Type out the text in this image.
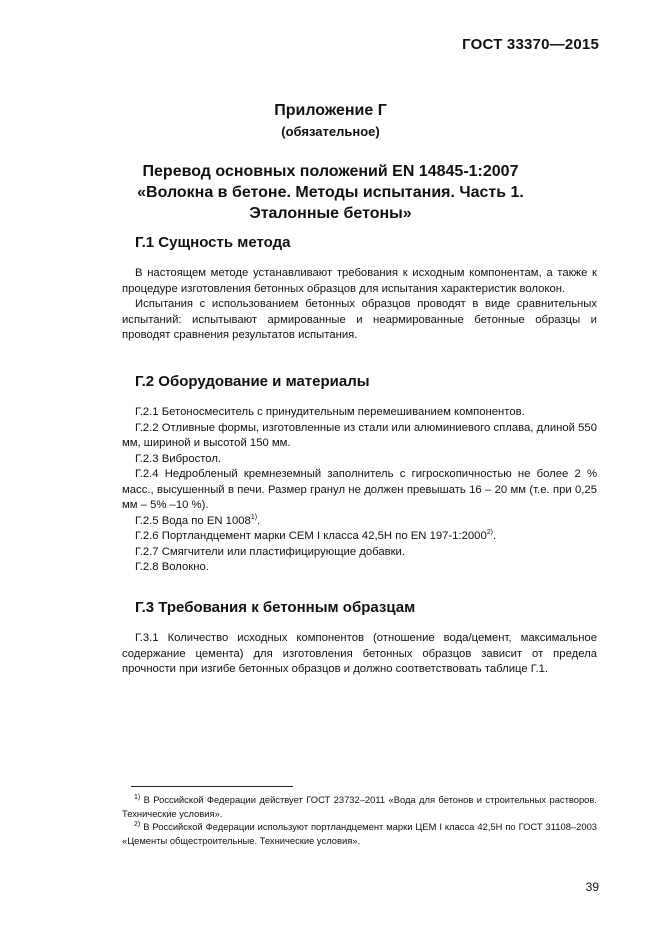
ГОСТ 33370—2015
Приложение Г
(обязательное)
Перевод основных положений EN 14845-1:2007
«Волокна в бетоне. Методы испытания. Часть 1.
Эталонные бетоны»
Г.1 Сущность метода

В настоящем методе устанавливают требования к исходным компонентам, а также к процедуре изготовления бетонных образцов для испытания характеристик волокон.

Испытания с использованием бетонных образцов проводят в виде сравнительных испытаний: испытывают армированные и неармированные бетонные образцы и проводят сравнения результатов испытания.

Г.2 Оборудование и материалы

Г.2.1 Бетоносмеситель с принудительным перемешиванием компонентов.

Г.2.2 Отливные формы, изготовленные из стали или алюминиевого сплава, длиной 550 мм, шириной и высотой 150 мм.

Г.2.3 Вибростол.

Г.2.4 Недробленый кремнеземный заполнитель с гигроскопичностью не более 2 % масс., высушенный в печи. Размер гранул не должен превышать 16 – 20 мм (т.е. при 0,25 мм – 5% –10 %).

Г.2.5 Вода по EN 1008$^{1)}$.

Г.2.6 Портландцемент марки CEM I класса 42,5H по EN 197-1:2000$^{2)}$.

Г.2.7 Смягчители или пластифицирующие добавки.

Г.2.8 Волокно.

Г.3 Требования к бетонным образцам

Г.3.1 Количество исходных компонентов (отношение вода/цемент, максимальное содержание цемента) для изготовления бетонных образцов зависит от предела прочности при изгибе бетонных образцов и должно соответствовать таблице Г.1.

$^{1)}$ В Российской Федерации действует ГОСТ 23732–2011 «Вода для бетонов и строительных растворов. Технические условия».

$^{2)}$ В Российской Федерации используют портландцемент марки ЦЕМ I класса 42,5Н по ГОСТ 31108–2003 «Цементы общестроительные. Технические условия».

39
